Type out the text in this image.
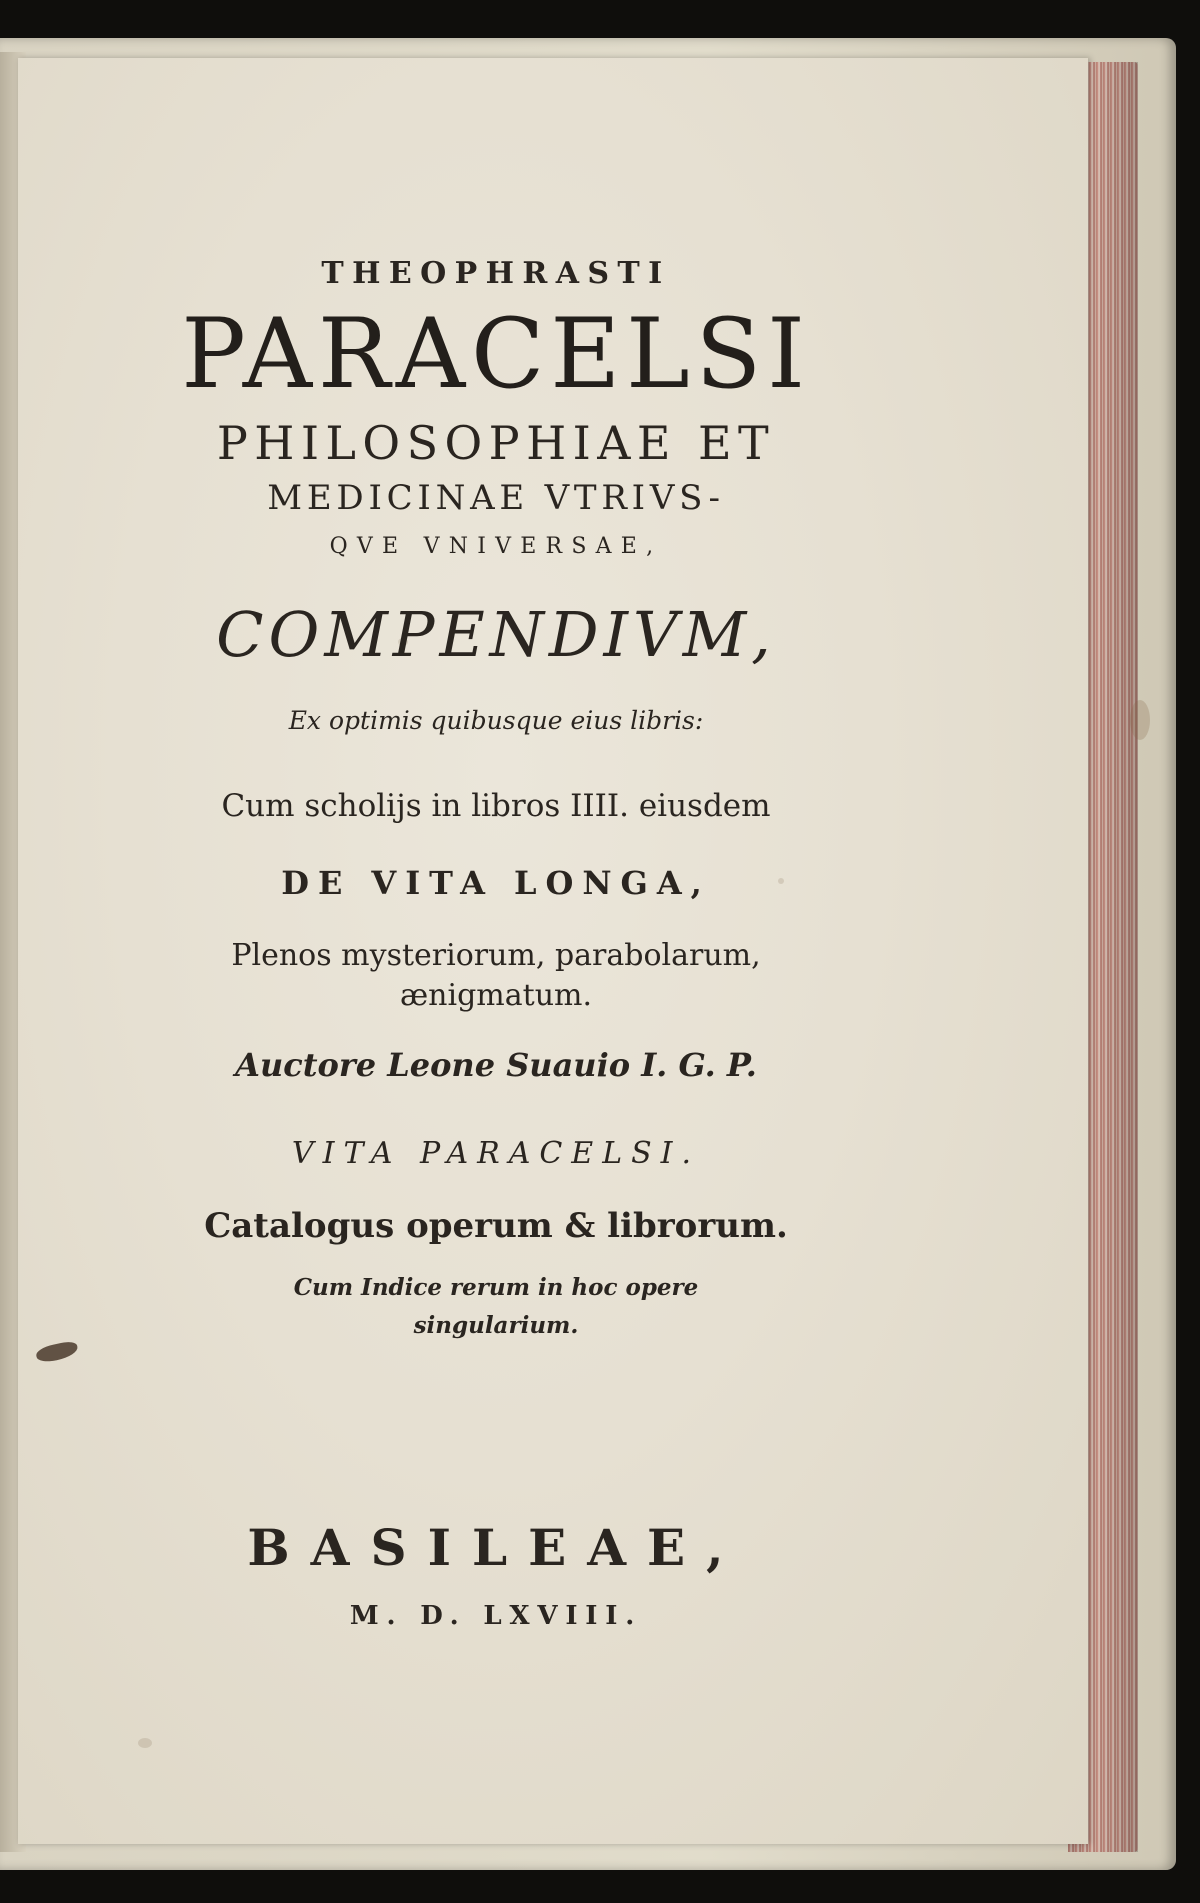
THEOPHRASTI
PARACELSI
PHILOSOPHIAE ET
MEDICINAE VTRIVS-
QVE VNIVERSAE,
COMPENDIVM,
Ex optimis quibusque eius libris:
Cum scholijs in libros IIII. eiusdem
DE VITA LONGA,
Plenos mysteriorum, parabolarum,
ænigmatum.
Auctore Leone Suauio I. G. P.
VITA PARACELSI.
Catalogus operum & librorum.
Cum Indice rerum in hoc opere
singularium.
BASILEAE,
M. D. LXVIII.
